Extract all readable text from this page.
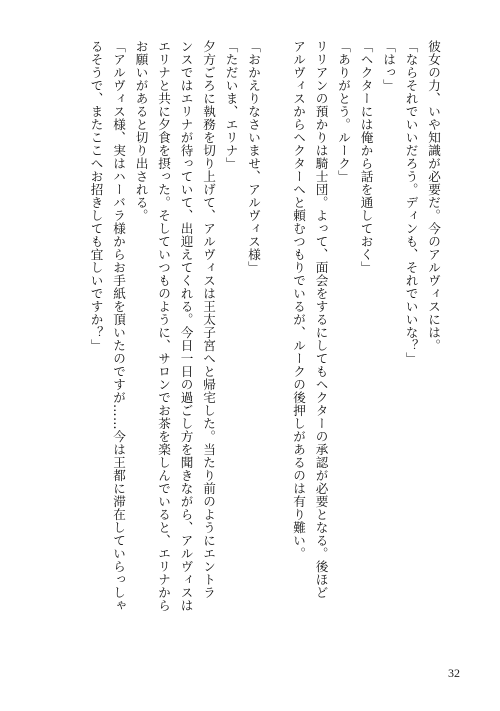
彼女の力、いや知識が必要だ。今のアルヴィスには。
「ならそれでいいだろう。ディンも、それでいいな？」
「はっ」
「ヘクターには俺から話を通しておく」
「ありがとう。ルーク」
リリアンの預かりは騎士団。よって、面会をするにしてもヘクターの承認が必要となる。後ほど
アルヴィスからヘクターへと頼むつもりでいるが、ルークの後押しがあるのは有り難い。
「おかえりなさいませ、アルヴィス様」
「ただいま、エリナ」
夕方ごろに執務を切り上げて、アルヴィスは王太子宮へと帰宅した。当たり前のようにエントラ
ンスではエリナが待っていて、出迎えてくれる。今日一日の過ごし方を聞きながら、アルヴィスは
エリナと共に夕食を摂った。そしていつものように、サロンでお茶を楽しんでいると、エリナから
お願いがあると切り出される。
「アルヴィス様、実はハーバラ様からお手紙を頂いたのですが……今は王都に滞在していらっしゃ
るそうで、またここへお招きしても宜しいですか？」
32
